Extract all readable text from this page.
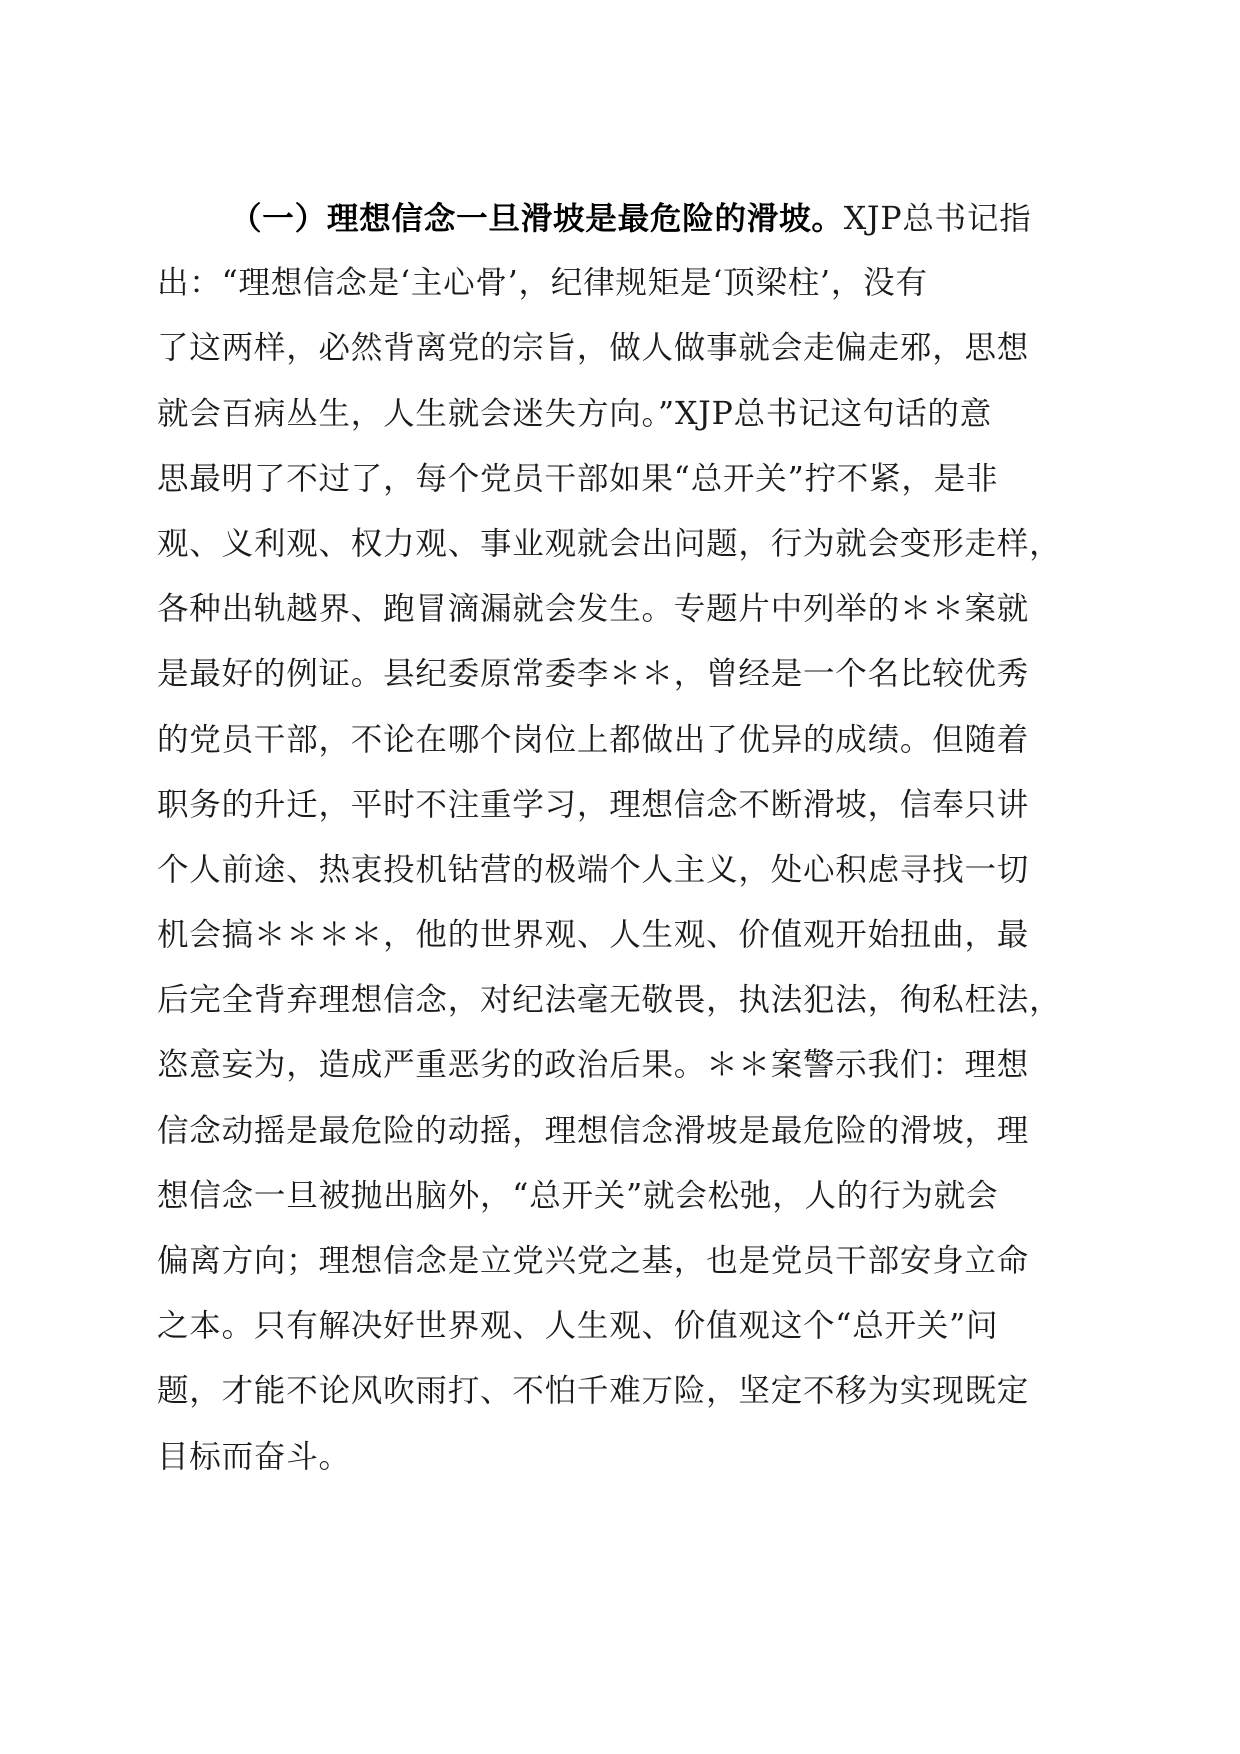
（一）理想信念一旦滑坡是最危险的滑坡。XJP总书记指
出：“理想信念是‘主心骨’，纪律规矩是‘顶梁柱’，没有
了这两样，必然背离党的宗旨，做人做事就会走偏走邪，思想
就会百病丛生，人生就会迷失方向。”XJP总书记这句话的意
思最明了不过了，每个党员干部如果“总开关”拧不紧，是非
观、义利观、权力观、事业观就会出问题，行为就会变形走样，
各种出轨越界、跑冒滴漏就会发生。专题片中列举的＊＊案就
是最好的例证。县纪委原常委李＊＊，曾经是一个名比较优秀
的党员干部，不论在哪个岗位上都做出了优异的成绩。但随着
职务的升迁，平时不注重学习，理想信念不断滑坡，信奉只讲
个人前途、热衷投机钻营的极端个人主义，处心积虑寻找一切
机会搞＊＊＊＊，他的世界观、人生观、价值观开始扭曲，最
后完全背弃理想信念，对纪法毫无敬畏，执法犯法，徇私枉法，
恣意妄为，造成严重恶劣的政治后果。＊＊案警示我们：理想
信念动摇是最危险的动摇，理想信念滑坡是最危险的滑坡，理
想信念一旦被抛出脑外，“总开关”就会松弛，人的行为就会
偏离方向；理想信念是立党兴党之基，也是党员干部安身立命
之本。只有解决好世界观、人生观、价值观这个“总开关”问
题，才能不论风吹雨打、不怕千难万险，坚定不移为实现既定
目标而奋斗。
